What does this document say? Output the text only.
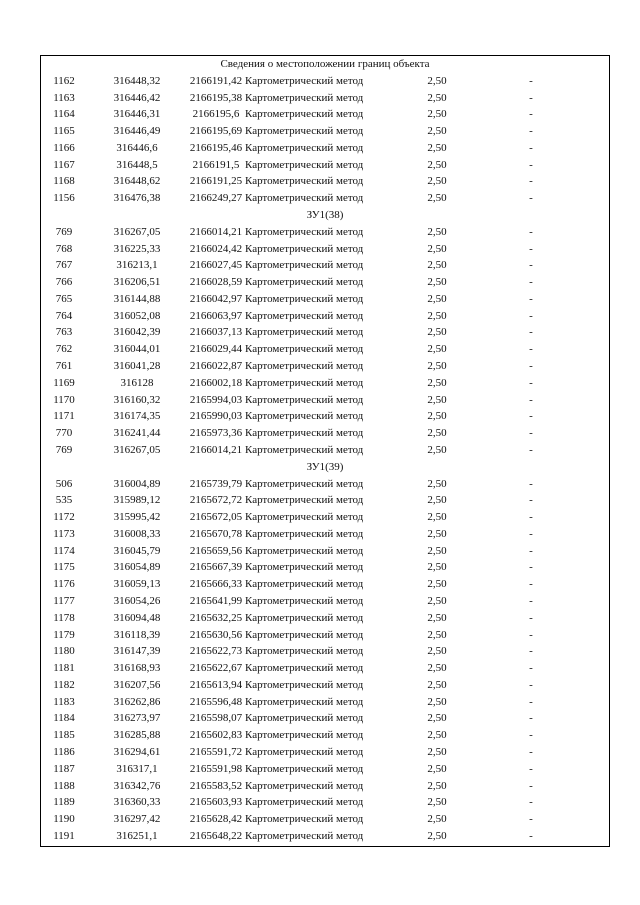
Сведения о местоположении границ объекта
1162	316448,32	2166191,42 Картометрический метод	2,50	-
1163	316446,42	2166195,38 Картометрический метод	2,50	-
1164	316446,31	2166195,6 Картометрический метод	2,50	-
1165	316446,49	2166195,69 Картометрический метод	2,50	-
1166	316446,6	2166195,46 Картометрический метод	2,50	-
1167	316448,5	2166191,5 Картометрический метод	2,50	-
1168	316448,62	2166191,25 Картометрический метод	2,50	-
1156	316476,38	2166249,27 Картометрический метод	2,50	-
ЗУ1(38)
769	316267,05	2166014,21 Картометрический метод	2,50	-
768	316225,33	2166024,42 Картометрический метод	2,50	-
767	316213,1	2166027,45 Картометрический метод	2,50	-
766	316206,51	2166028,59 Картометрический метод	2,50	-
765	316144,88	2166042,97 Картометрический метод	2,50	-
764	316052,08	2166063,97 Картометрический метод	2,50	-
763	316042,39	2166037,13 Картометрический метод	2,50	-
762	316044,01	2166029,44 Картометрический метод	2,50	-
761	316041,28	2166022,87 Картометрический метод	2,50	-
1169	316128	2166002,18 Картометрический метод	2,50	-
1170	316160,32	2165994,03 Картометрический метод	2,50	-
1171	316174,35	2165990,03 Картометрический метод	2,50	-
770	316241,44	2165973,36 Картометрический метод	2,50	-
769	316267,05	2166014,21 Картометрический метод	2,50	-
ЗУ1(39)
506	316004,89	2165739,79 Картометрический метод	2,50	-
535	315989,12	2165672,72 Картометрический метод	2,50	-
1172	315995,42	2165672,05 Картометрический метод	2,50	-
1173	316008,33	2165670,78 Картометрический метод	2,50	-
1174	316045,79	2165659,56 Картометрический метод	2,50	-
1175	316054,89	2165667,39 Картометрический метод	2,50	-
1176	316059,13	2165666,33 Картометрический метод	2,50	-
1177	316054,26	2165641,99 Картометрический метод	2,50	-
1178	316094,48	2165632,25 Картометрический метод	2,50	-
1179	316118,39	2165630,56 Картометрический метод	2,50	-
1180	316147,39	2165622,73 Картометрический метод	2,50	-
1181	316168,93	2165622,67 Картометрический метод	2,50	-
1182	316207,56	2165613,94 Картометрический метод	2,50	-
1183	316262,86	2165596,48 Картометрический метод	2,50	-
1184	316273,97	2165598,07 Картометрический метод	2,50	-
1185	316285,88	2165602,83 Картометрический метод	2,50	-
1186	316294,61	2165591,72 Картометрический метод	2,50	-
1187	316317,1	2165591,98 Картометрический метод	2,50	-
1188	316342,76	2165583,52 Картометрический метод	2,50	-
1189	316360,33	2165603,93 Картометрический метод	2,50	-
1190	316297,42	2165628,42 Картометрический метод	2,50	-
1191	316251,1	2165648,22 Картометрический метод	2,50	-
